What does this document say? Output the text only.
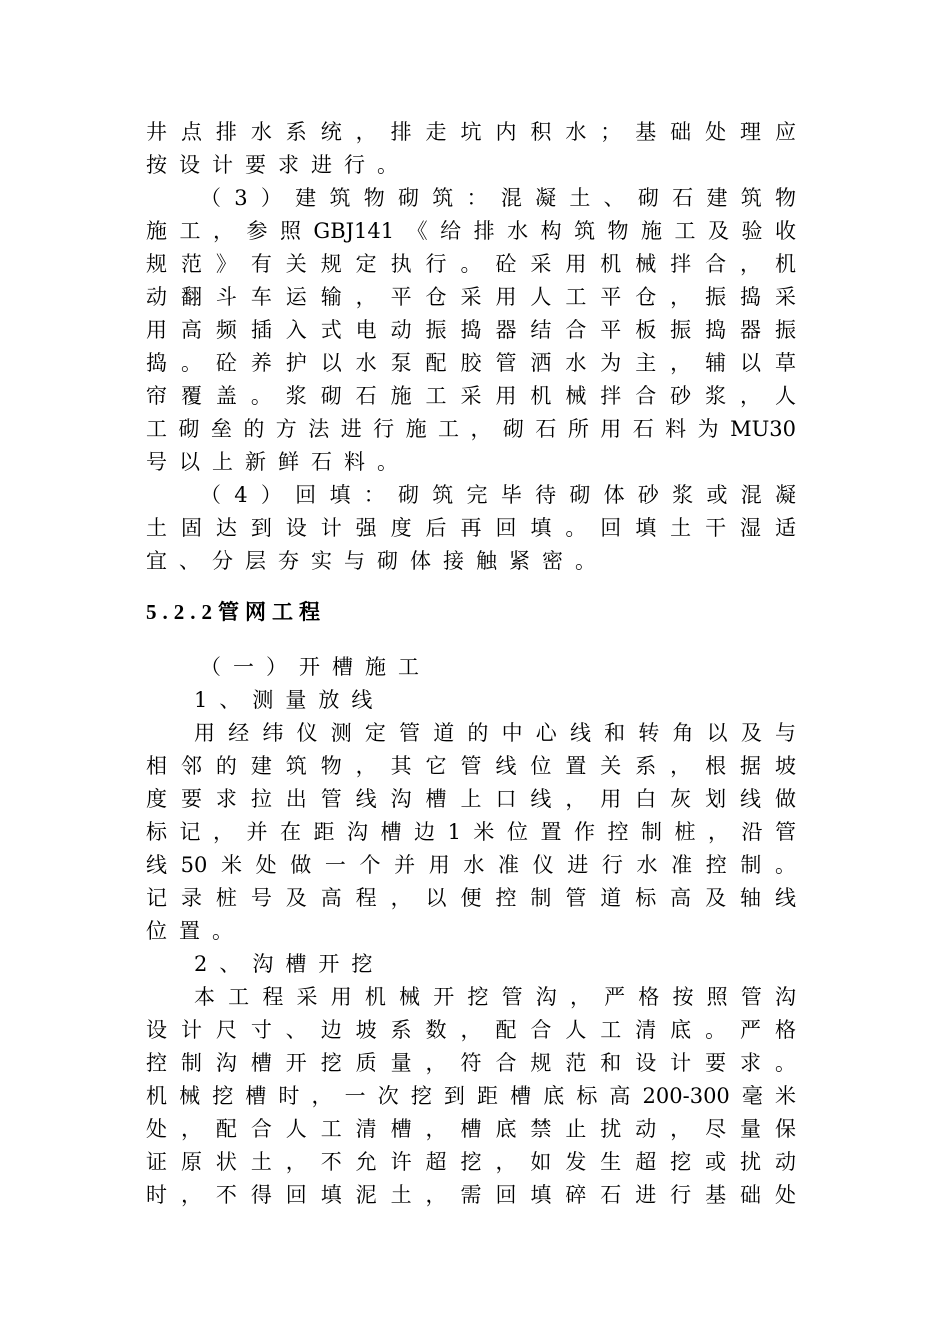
井点排水系统，排走坑内积水；基础处理应
按设计要求进行。
（3）建筑物砌筑：混凝土、砌石建筑物
施工，参照GBJ141《给排水构筑物施工及验收
规范》有关规定执行。砼采用机械拌合，机
动翻斗车运输，平仓采用人工平仓，振捣采
用高频插入式电动振捣器结合平板振捣器振
捣。砼养护以水泵配胶管洒水为主，辅以草
帘覆盖。浆砌石施工采用机械拌合砂浆，人
工砌垒的方法进行施工，砌石所用石料为MU30
号以上新鲜石料。
（4）回填：砌筑完毕待砌体砂浆或混凝
土固达到设计强度后再回填。回填土干湿适
宜、分层夯实与砌体接触紧密。
5.2.2管网工程
（一）开槽施工
1、测量放线
用经纬仪测定管道的中心线和转角以及与
相邻的建筑物，其它管线位置关系，根据坡
度要求拉出管线沟槽上口线，用白灰划线做
标记，并在距沟槽边1米位置作控制桩，沿管
线50米处做一个并用水准仪进行水准控制。
记录桩号及高程，以便控制管道标高及轴线
位置。
2、沟槽开挖
本工程采用机械开挖管沟，严格按照管沟
设计尺寸、边坡系数，配合人工清底。严格
控制沟槽开挖质量，符合规范和设计要求。
机械挖槽时，一次挖到距槽底标高200-300毫米
处，配合人工清槽，槽底禁止扰动，尽量保
证原状土，不允许超挖，如发生超挖或扰动
时，不得回填泥土，需回填碎石进行基础处
